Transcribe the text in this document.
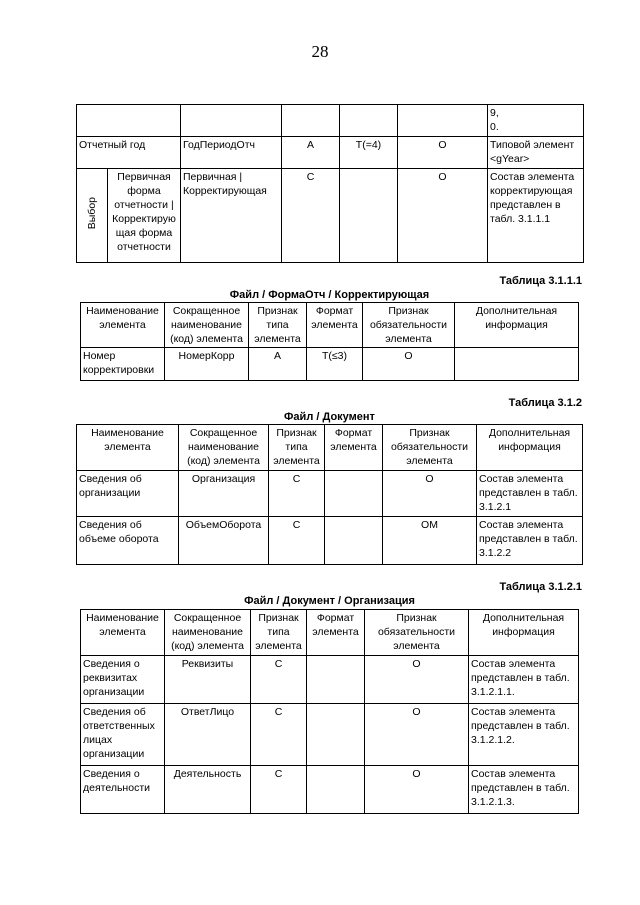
28
						9,
0.
Отчетный год		ГодПериодОтч	А	T(=4)	О	Типовой элемент <gYear>
Выбор	Первичная форма отчетности | Корректирую щая форма отчетности	Первичная | Корректирующая	С		О	Состав элемента корректирующая представлен в табл. 3.1.1.1
Таблица 3.1.1.1
Файл / ФормаОтч / Корректирующая
Наименование элемента	Сокращенное наименование (код) элемента	Признак типа элемента	Формат элемента	Признак обязательности элемента	Дополнительная информация
Номер корректировки	НомерКорр	А	T(≤3)	О	
Таблица 3.1.2
Файл / Документ
Наименование элемента	Сокращенное наименование (код) элемента	Признак типа элемента	Формат элемента	Признак обязательности элемента	Дополнительная информация
Сведения об организации	Организация	С		О	Состав элемента представлен в табл. 3.1.2.1
Сведения об объеме оборота	ОбъемОборота	С		ОМ	Состав элемента представлен в табл. 3.1.2.2
Таблица 3.1.2.1
Файл / Документ / Организация
Наименование элемента	Сокращенное наименование (код) элемента	Признак типа элемента	Формат элемента	Признак обязательности элемента	Дополнительная информация
Сведения о реквизитах организации	Реквизиты	С		О	Состав элемента представлен в табл. 3.1.2.1.1.
Сведения об ответственных лицах организации	ОтветЛицо	С		О	Состав элемента представлен в табл. 3.1.2.1.2.
Сведения о деятельности	Деятельность	С		О	Состав элемента представлен в табл. 3.1.2.1.3.
